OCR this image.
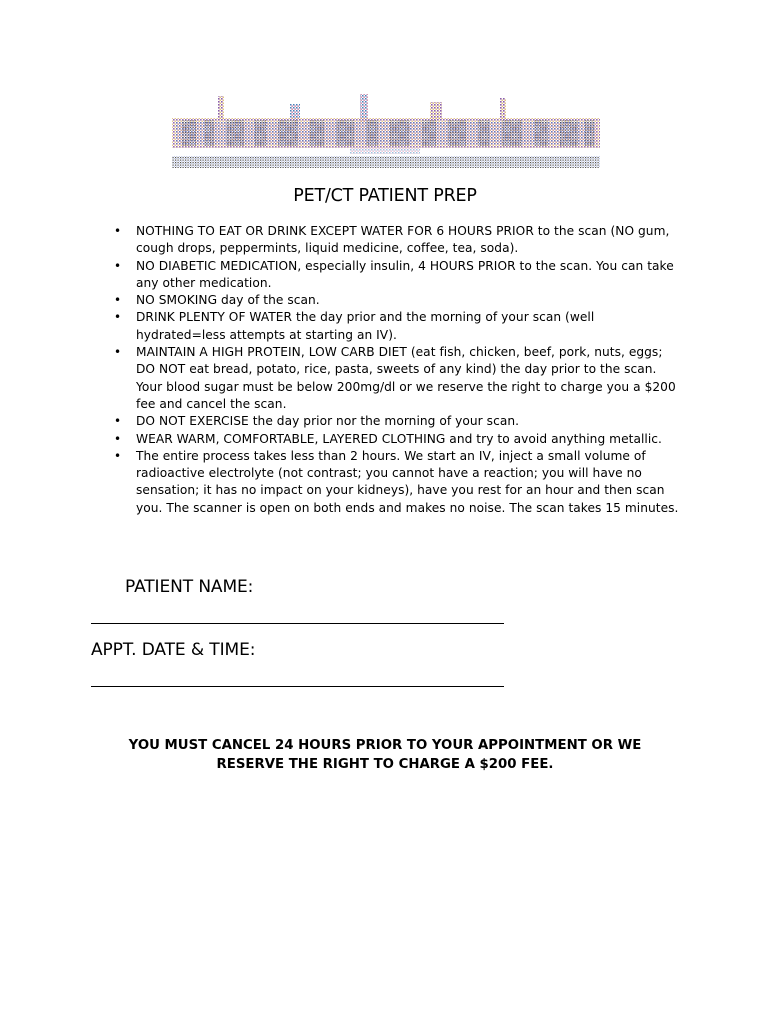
PET/CT PATIENT PREP
• NOTHING TO EAT OR DRINK EXCEPT WATER FOR 6 HOURS PRIOR to the scan (NO gum, cough drops, peppermints, liquid medicine, coffee, tea, soda).
• NO DIABETIC MEDICATION, especially insulin, 4 HOURS PRIOR to the scan. You can take any other medication.
• NO SMOKING day of the scan.
• DRINK PLENTY OF WATER the day prior and the morning of your scan (well hydrated=less attempts at starting an IV).
• MAINTAIN A HIGH PROTEIN, LOW CARB DIET (eat fish, chicken, beef, pork, nuts, eggs; DO NOT eat bread, potato, rice, pasta, sweets of any kind) the day prior to the scan. Your blood sugar must be below 200mg/dl or we reserve the right to charge you a $200 fee and cancel the scan.
• DO NOT EXERCISE the day prior nor the morning of your scan.
• WEAR WARM, COMFORTABLE, LAYERED CLOTHING and try to avoid anything metallic.
• The entire process takes less than 2 hours. We start an IV, inject a small volume of radioactive electrolyte (not contrast; you cannot have a reaction; you will have no sensation; it has no impact on your kidneys), have you rest for an hour and then scan you. The scanner is open on both ends and makes no noise. The scan takes 15 minutes.

PATIENT NAME:

APPT. DATE & TIME:

YOU MUST CANCEL 24 HOURS PRIOR TO YOUR APPOINTMENT OR WE
RESERVE THE RIGHT TO CHARGE A $200 FEE.
